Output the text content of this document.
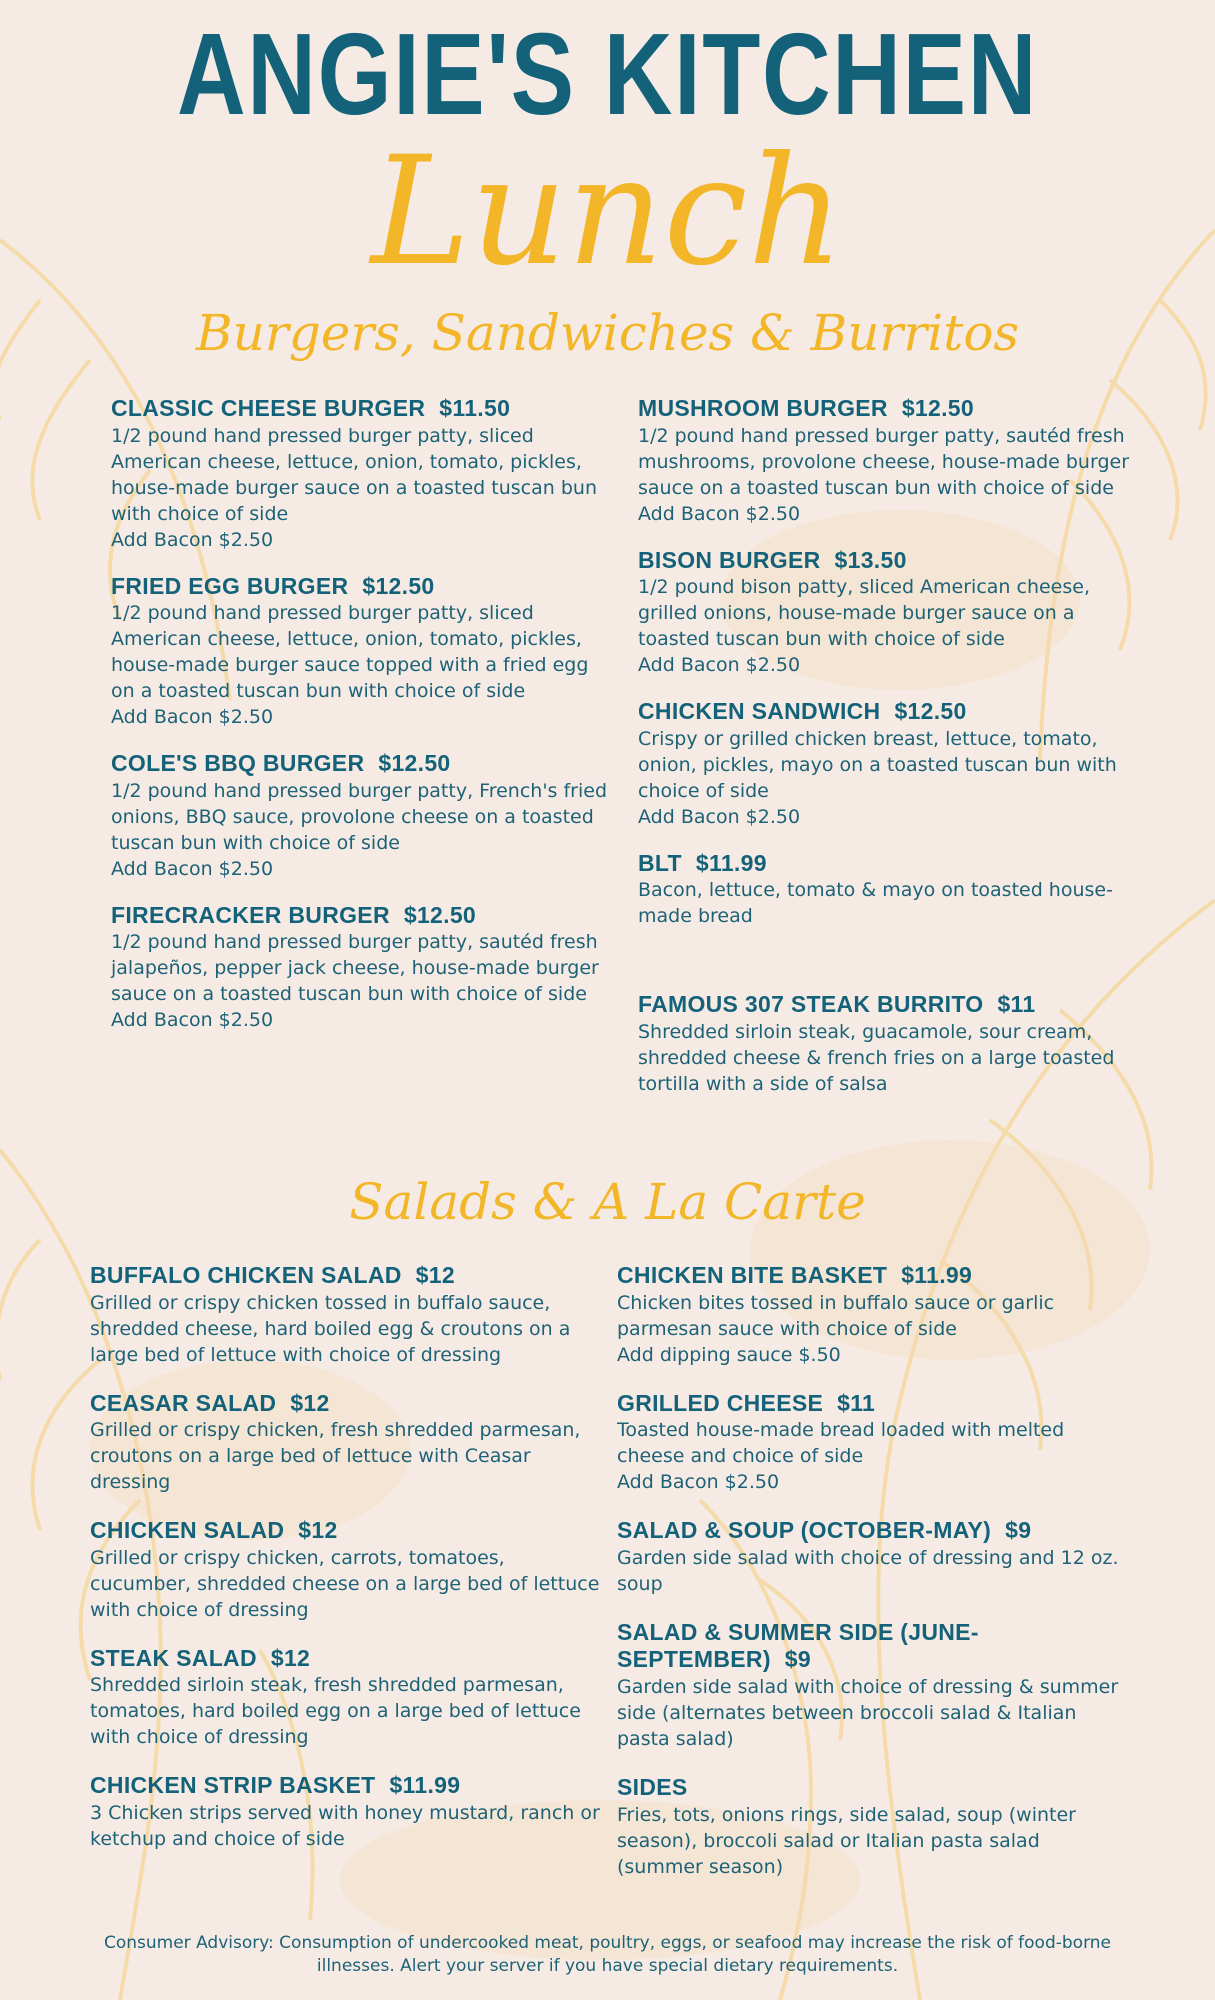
ANGIE'S KITCHEN
Lunch
Burgers, Sandwiches & Burritos
CLASSIC CHEESE BURGER $11.50
1/2 pound hand pressed burger patty, sliced American cheese, lettuce, onion, tomato, pickles, house-made burger sauce on a toasted tuscan bun with choice of side
Add Bacon $2.50
FRIED EGG BURGER $12.50
1/2 pound hand pressed burger patty, sliced American cheese, lettuce, onion, tomato, pickles, house-made burger sauce topped with a fried egg on a toasted tuscan bun with choice of side
Add Bacon $2.50
COLE'S BBQ BURGER $12.50
1/2 pound hand pressed burger patty, French's fried onions, BBQ sauce, provolone cheese on a toasted tuscan bun with choice of side
Add Bacon $2.50
FIRECRACKER BURGER $12.50
1/2 pound hand pressed burger patty, sautéd fresh jalapeños, pepper jack cheese, house-made burger sauce on a toasted tuscan bun with choice of side
Add Bacon $2.50
MUSHROOM BURGER $12.50
1/2 pound hand pressed burger patty, sautéd fresh mushrooms, provolone cheese, house-made burger sauce on a toasted tuscan bun with choice of side
Add Bacon $2.50
BISON BURGER $13.50
1/2 pound bison patty, sliced American cheese, grilled onions, house-made burger sauce on a toasted tuscan bun with choice of side
Add Bacon $2.50
CHICKEN SANDWICH $12.50
Crispy or grilled chicken breast, lettuce, tomato, onion, pickles, mayo on a toasted tuscan bun with choice of side
Add Bacon $2.50
BLT $11.99
Bacon, lettuce, tomato & mayo on toasted house-made bread
FAMOUS 307 STEAK BURRITO $11
Shredded sirloin steak, guacamole, sour cream, shredded cheese & french fries on a large toasted tortilla with a side of salsa
Salads & A La Carte
BUFFALO CHICKEN SALAD $12
Grilled or crispy chicken tossed in buffalo sauce, shredded cheese, hard boiled egg & croutons on a large bed of lettuce with choice of dressing
CEASAR SALAD $12
Grilled or crispy chicken, fresh shredded parmesan, croutons on a large bed of lettuce with Ceasar dressing
CHICKEN SALAD $12
Grilled or crispy chicken, carrots, tomatoes, cucumber, shredded cheese on a large bed of lettuce with choice of dressing
STEAK SALAD $12
Shredded sirloin steak, fresh shredded parmesan, tomatoes, hard boiled egg on a large bed of lettuce with choice of dressing
CHICKEN STRIP BASKET $11.99
3 Chicken strips served with honey mustard, ranch or ketchup and choice of side
CHICKEN BITE BASKET $11.99
Chicken bites tossed in buffalo sauce or garlic parmesan sauce with choice of side
Add dipping sauce $.50
GRILLED CHEESE $11
Toasted house-made bread loaded with melted cheese and choice of side
Add Bacon $2.50
SALAD & SOUP (OCTOBER-MAY) $9
Garden side salad with choice of dressing and 12 oz. soup
SALAD & SUMMER SIDE (JUNE-SEPTEMBER) $9
Garden side salad with choice of dressing & summer side (alternates between broccoli salad & Italian pasta salad)
SIDES
Fries, tots, onions rings, side salad, soup (winter season), broccoli salad or Italian pasta salad (summer season)
Consumer Advisory: Consumption of undercooked meat, poultry, eggs, or seafood may increase the risk of food-borne illnesses. Alert your server if you have special dietary requirements.
